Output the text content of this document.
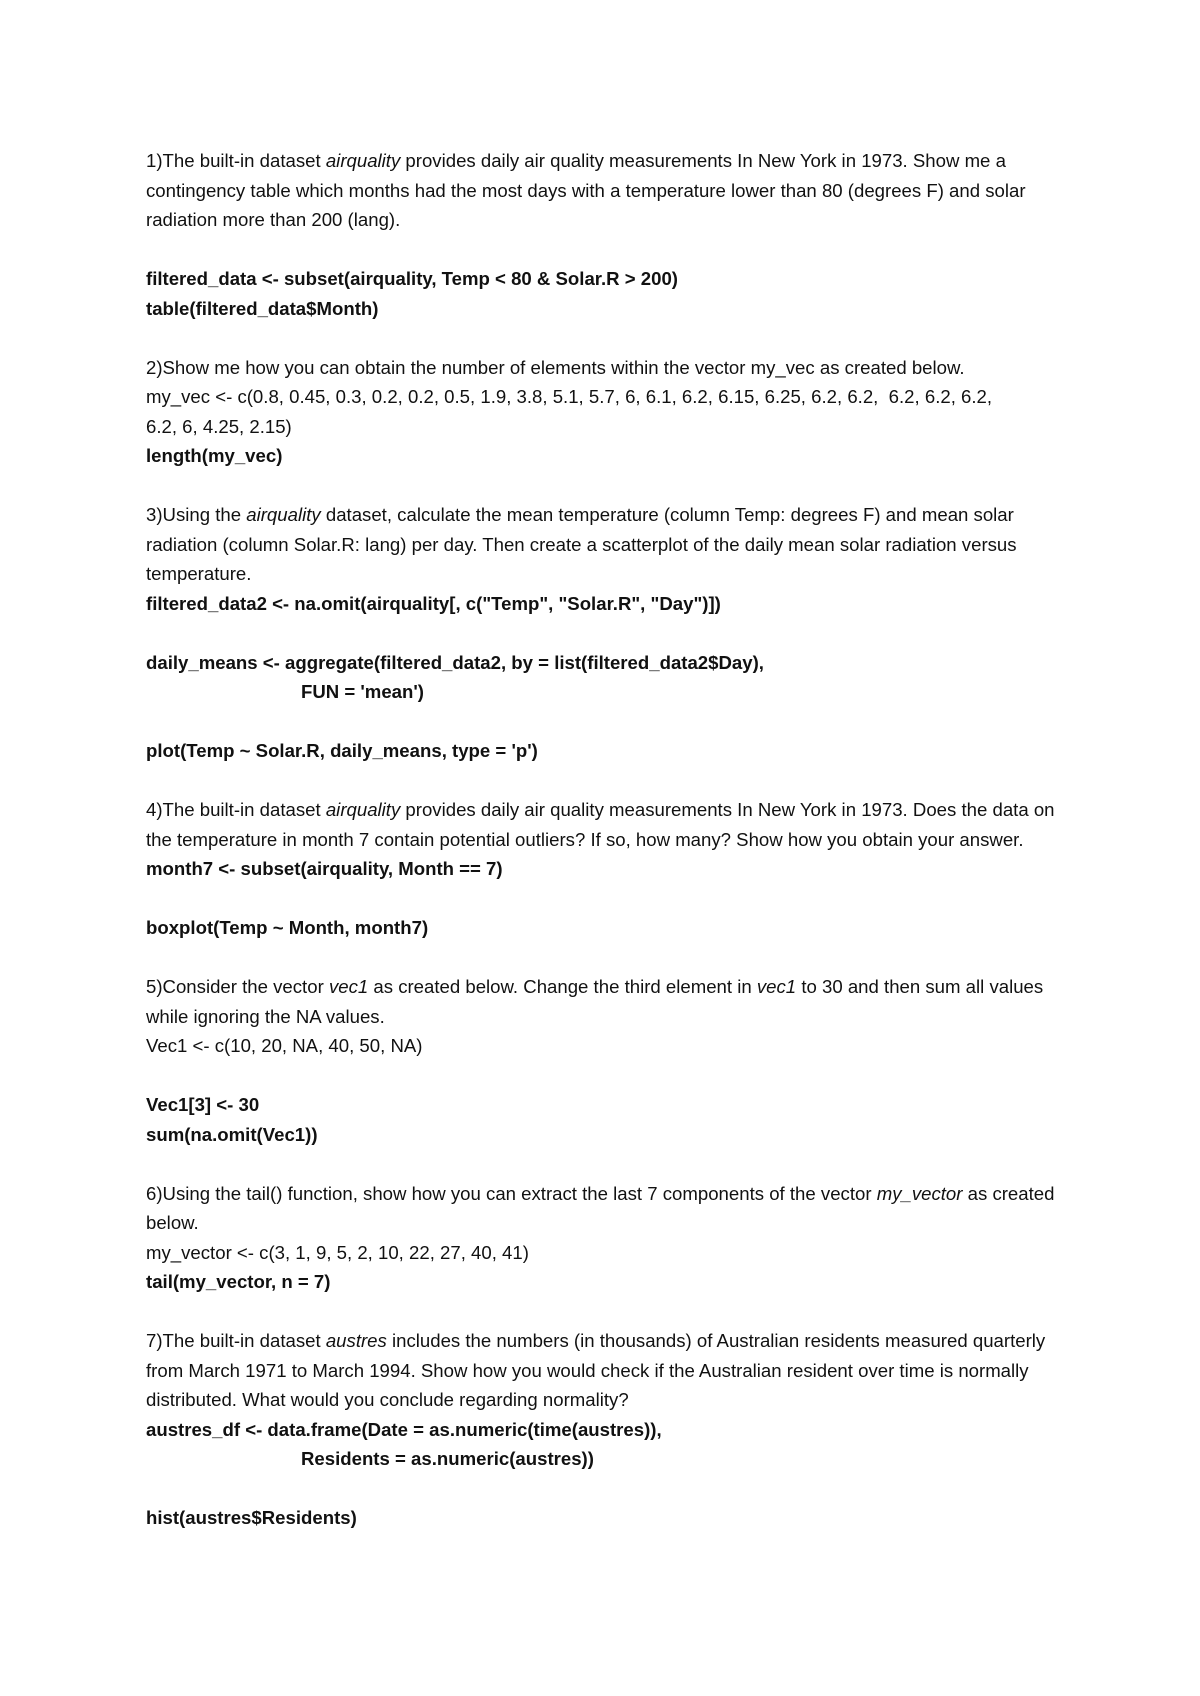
1)The built-in dataset airquality provides daily air quality measurements In New York in 1973. Show me a contingency table which months had the most days with a temperature lower than 80 (degrees F) and solar radiation more than 200 (lang).

filtered_data <- subset(airquality, Temp < 80 & Solar.R > 200)

table(filtered_data$Month)

2)Show me how you can obtain the number of elements within the vector my_vec as created below.

my_vec <- c(0.8, 0.45, 0.3, 0.2, 0.2, 0.5, 1.9, 3.8, 5.1, 5.7, 6, 6.1, 6.2, 6.15, 6.25, 6.2, 6.2,  6.2, 6.2, 6.2,

6.2, 6, 4.25, 2.15)

length(my_vec)

3)Using the airquality dataset, calculate the mean temperature (column Temp: degrees F) and mean solar radiation (column Solar.R: lang) per day. Then create a scatterplot of the daily mean solar radiation versus temperature.

filtered_data2 <- na.omit(airquality[, c("Temp", "Solar.R", "Day")])

daily_means <- aggregate(filtered_data2, by = list(filtered_data2$Day),

FUN = 'mean')

plot(Temp ~ Solar.R, daily_means, type = 'p')

4)The built-in dataset airquality provides daily air quality measurements In New York in 1973. Does the data on the temperature in month 7 contain potential outliers? If so, how many? Show how you obtain your answer.

month7 <- subset(airquality, Month == 7)

boxplot(Temp ~ Month, month7)

5)Consider the vector vec1 as created below. Change the third element in vec1 to 30 and then sum all values while ignoring the NA values.

Vec1 <- c(10, 20, NA, 40, 50, NA)

Vec1[3] <- 30

sum(na.omit(Vec1))

6)Using the tail() function, show how you can extract the last 7 components of the vector my_vector as created below.

my_vector <- c(3, 1, 9, 5, 2, 10, 22, 27, 40, 41)

tail(my_vector, n = 7)

7)The built-in dataset austres includes the numbers (in thousands) of Australian residents measured quarterly from March 1971 to March 1994. Show how you would check if the Australian resident over time is normally distributed. What would you conclude regarding normality?

austres_df <- data.frame(Date = as.numeric(time(austres)),

Residents = as.numeric(austres))

hist(austres$Residents)
